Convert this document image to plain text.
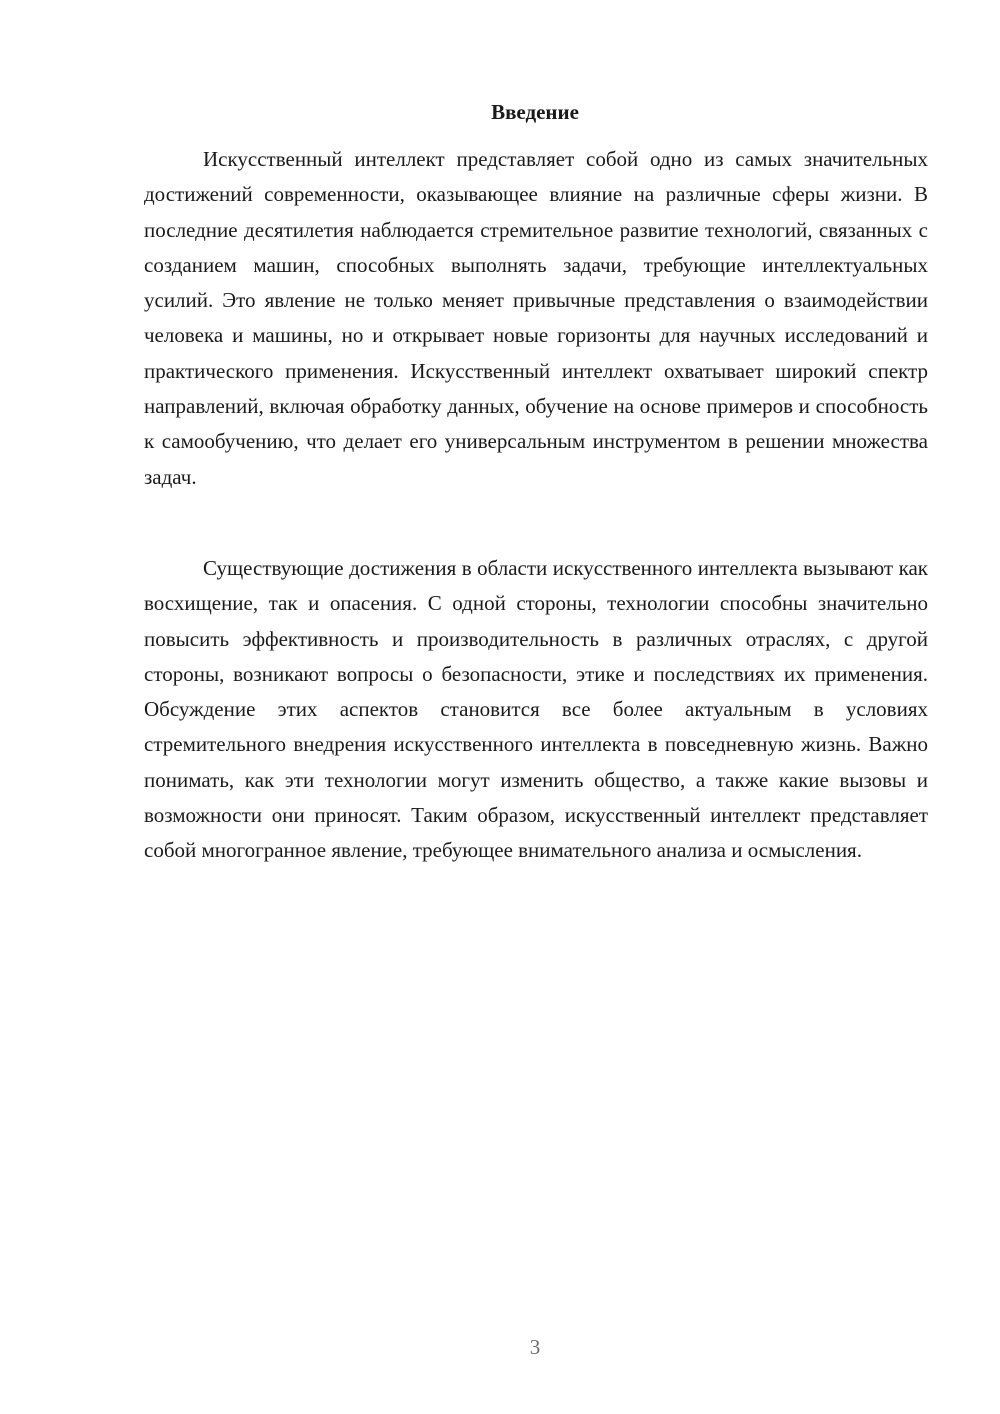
Введение

Искусственный интеллект представляет собой одно из самых значительных достижений современности, оказывающее влияние на различные сферы жизни. В последние десятилетия наблюдается стремительное развитие технологий, связанных с созданием машин, способных выполнять задачи, требующие интеллектуальных усилий. Это явление не только меняет привычные представления о взаимодействии человека и машины, но и открывает новые горизонты для научных исследований и практического применения. Искусственный интеллект охватывает широкий спектр направлений, включая обработку данных, обучение на основе примеров и способность к самообучению, что делает его универсальным инструментом в решении множества задач.

Существующие достижения в области искусственного интеллекта вызывают как восхищение, так и опасения. С одной стороны, технологии способны значительно повысить эффективность и производительность в различных отраслях, с другой стороны, возникают вопросы о безопасности, этике и последствиях их применения. Обсуждение этих аспектов становится все более актуальным в условиях стремительного внедрения искусственного интеллекта в повседневную жизнь. Важно понимать, как эти технологии могут изменить общество, а также какие вызовы и возможности они приносят. Таким образом, искусственный интеллект представляет собой многогранное явление, требующее внимательного анализа и осмысления.

3
